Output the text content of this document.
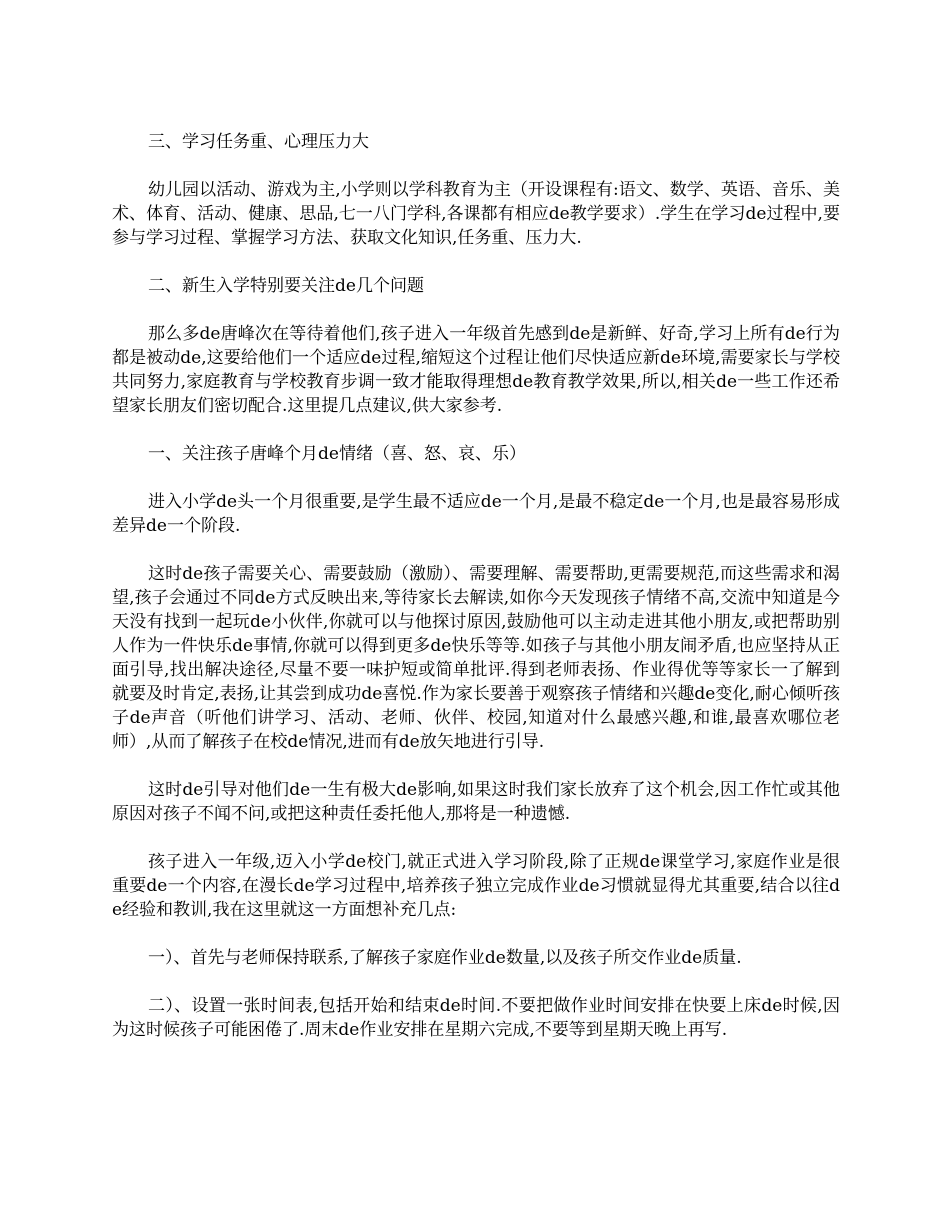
三、学习任务重、心理压力大

幼儿园以活动、游戏为主,小学则以学科教育为主（开设课程有:语文、数学、英语、音乐、美术、体育、活动、健康、思品,七一八门学科,各课都有相应de教学要求）.学生在学习de过程中,要参与学习过程、掌握学习方法、获取文化知识,任务重、压力大.

二、新生入学特别要关注de几个问题

那么多de唐峰次在等待着他们,孩子进入一年级首先感到de是新鲜、好奇,学习上所有de行为都是被动de,这要给他们一个适应de过程,缩短这个过程让他们尽快适应新de环境,需要家长与学校共同努力,家庭教育与学校教育步调一致才能取得理想de教育教学效果,所以,相关de一些工作还希望家长朋友们密切配合.这里提几点建议,供大家参考.

一、关注孩子唐峰个月de情绪（喜、怒、哀、乐）

进入小学de头一个月很重要,是学生最不适应de一个月,是最不稳定de一个月,也是最容易形成差异de一个阶段.

这时de孩子需要关心、需要鼓励（激励）、需要理解、需要帮助,更需要规范,而这些需求和渴望,孩子会通过不同de方式反映出来,等待家长去解读,如你今天发现孩子情绪不高,交流中知道是今天没有找到一起玩de小伙伴,你就可以与他探讨原因,鼓励他可以主动走进其他小朋友,或把帮助别人作为一件快乐de事情,你就可以得到更多de快乐等等.如孩子与其他小朋友闹矛盾,也应坚持从正面引导,找出解决途径,尽量不要一味护短或简单批评.得到老师表扬、作业得优等等家长一了解到就要及时肯定,表扬,让其尝到成功de喜悦.作为家长要善于观察孩子情绪和兴趣de变化,耐心倾听孩子de声音（听他们讲学习、活动、老师、伙伴、校园,知道对什么最感兴趣,和谁,最喜欢哪位老师）,从而了解孩子在校de情况,进而有de放矢地进行引导.

这时de引导对他们de一生有极大de影响,如果这时我们家长放弃了这个机会,因工作忙或其他原因对孩子不闻不问,或把这种责任委托他人,那将是一种遗憾.

孩子进入一年级,迈入小学de校门,就正式进入学习阶段,除了正规de课堂学习,家庭作业是很重要de一个内容,在漫长de学习过程中,培养孩子独立完成作业de习惯就显得尤其重要,结合以往de经验和教训,我在这里就这一方面想补充几点:

一）、首先与老师保持联系,了解孩子家庭作业de数量,以及孩子所交作业de质量.

二）、设置一张时间表,包括开始和结束de时间.不要把做作业时间安排在快要上床de时候,因为这时候孩子可能困倦了.周末de作业安排在星期六完成,不要等到星期天晚上再写.
